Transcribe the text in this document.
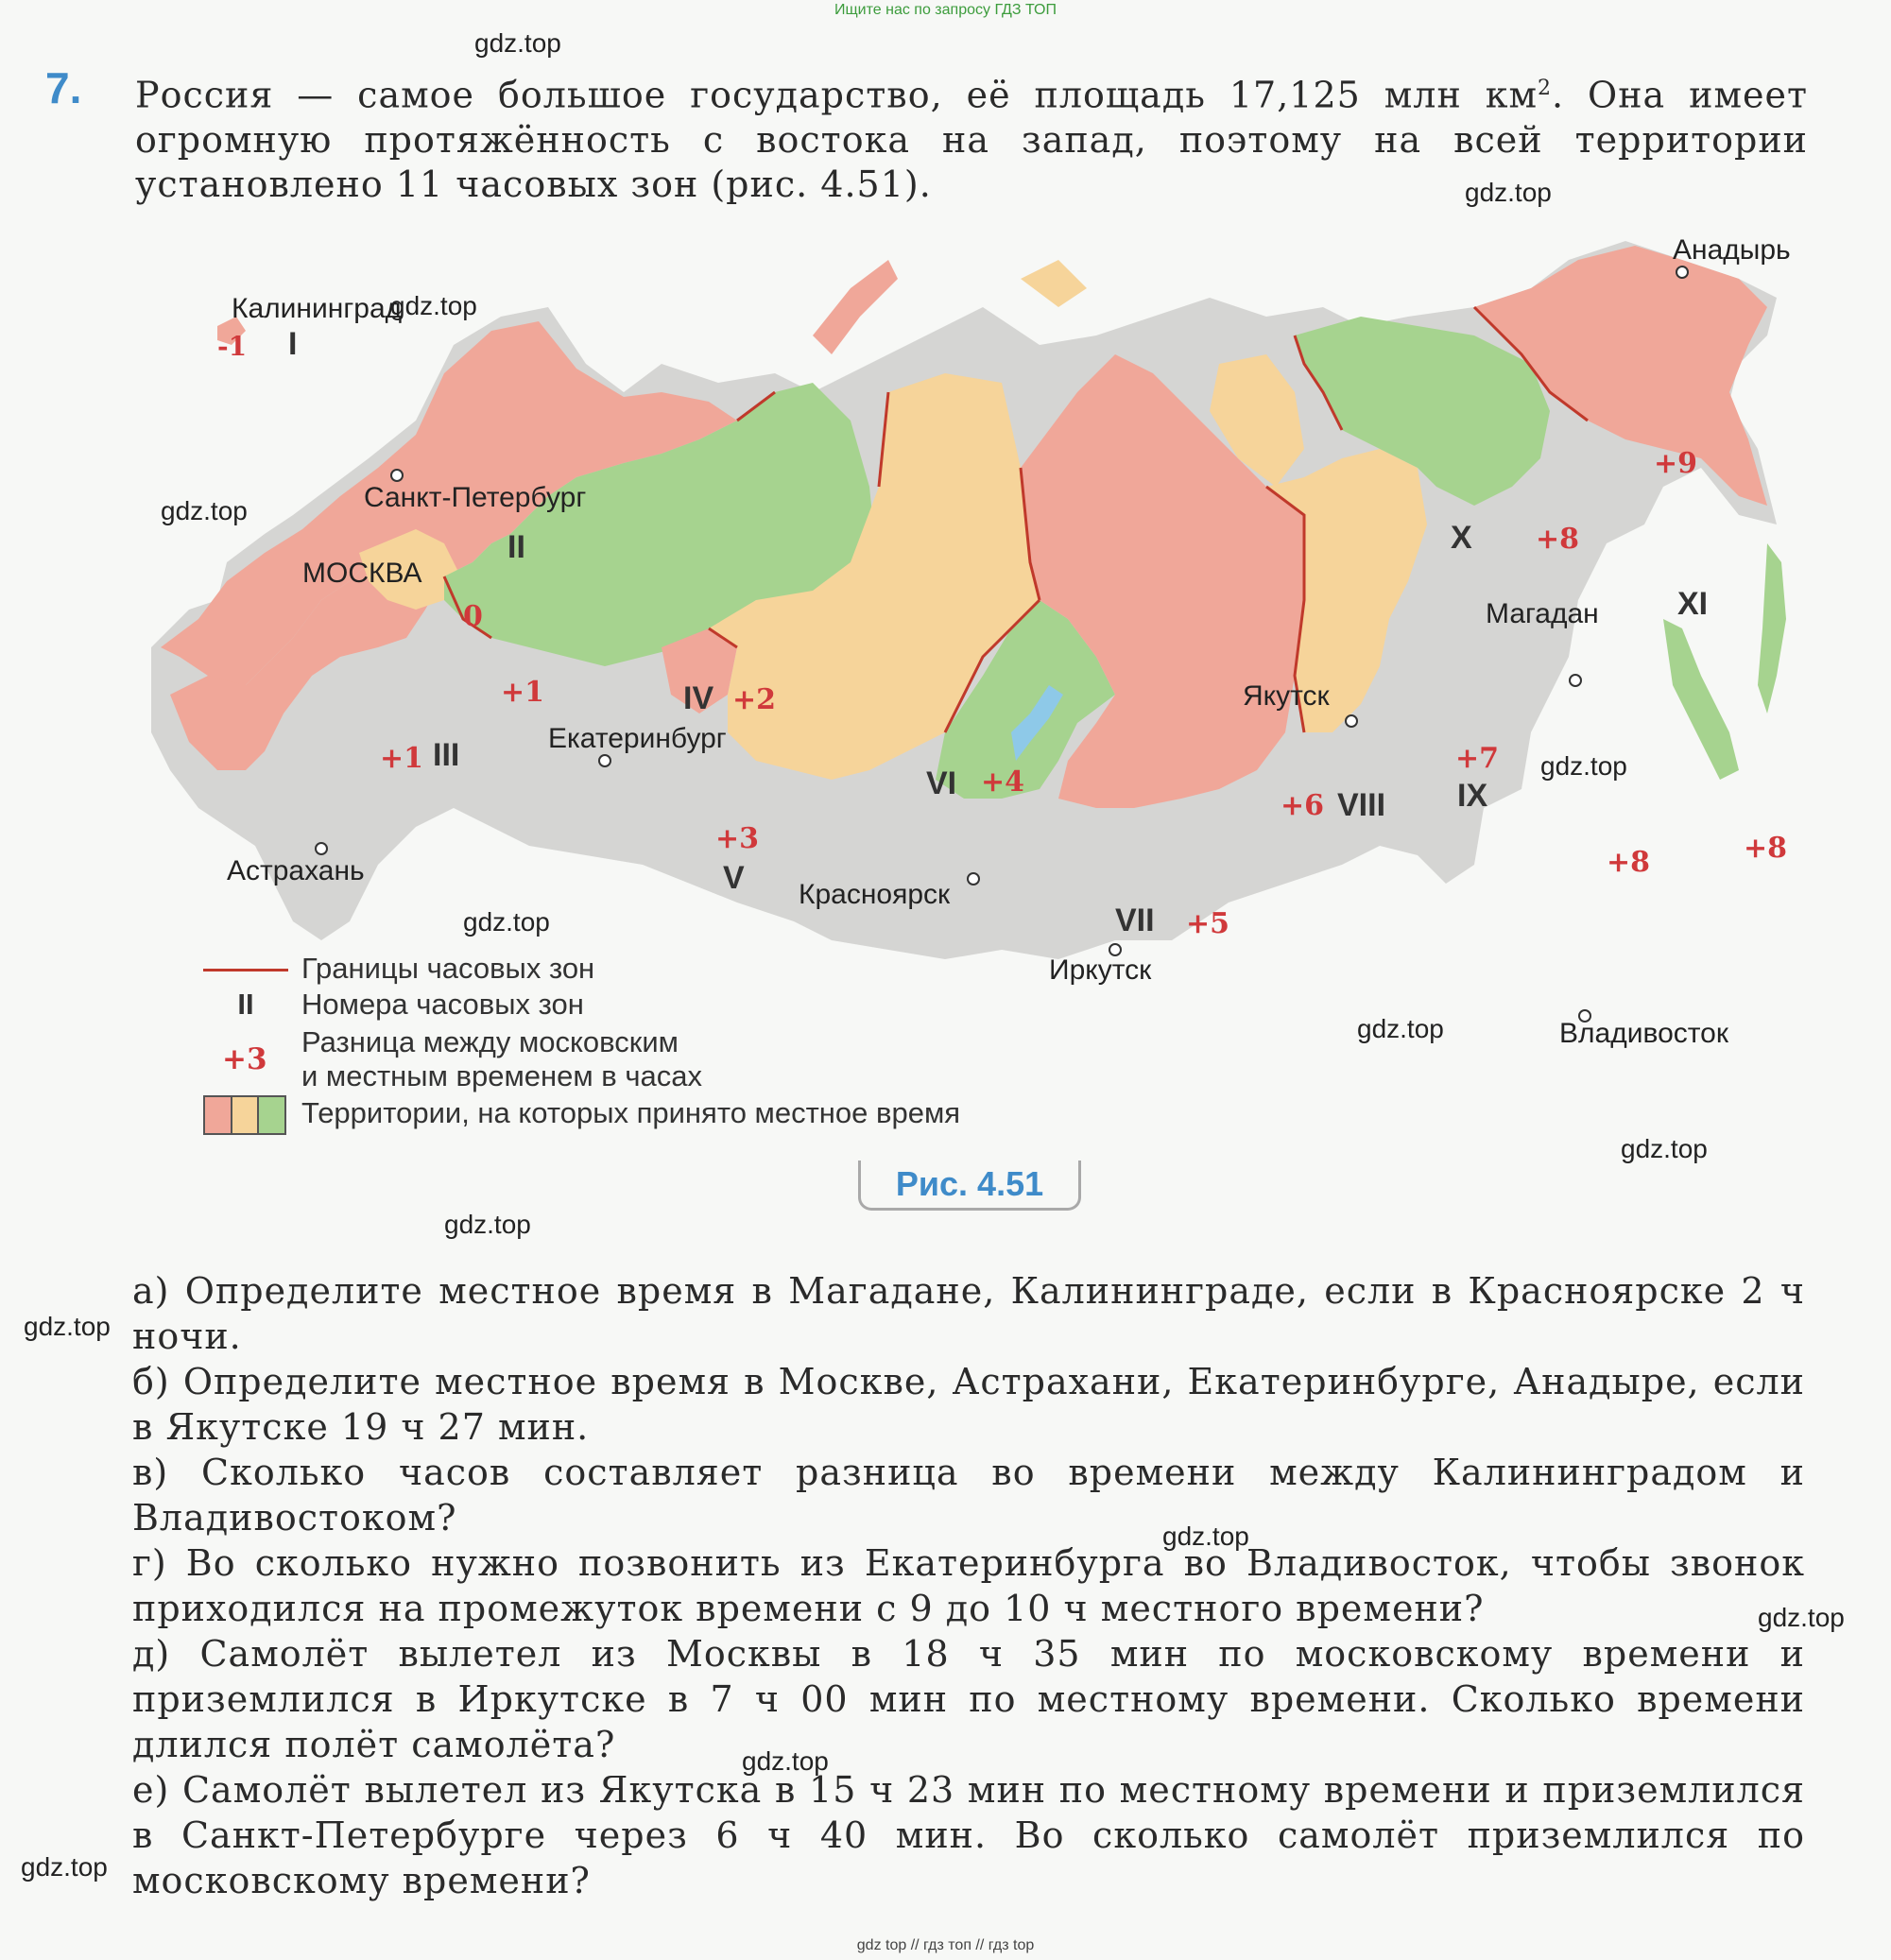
Ищите нас по запросу ГДЗ ТОП
gdz.top
gdz.top
gdz.top
gdz.top
gdz.top
gdz.top
gdz.top
gdz.top
gdz.top
gdz.top
gdz.top
gdz.top
gdz.top
gdz.top
7. Россия — самое большое государство, её площадь 17,125 млн $км^2$. Она имеет огромную протяжённость с востока на запад, поэтому на всей территории установлено 11 часовых зон (рис. 4.51).
Калининград
I
-1
Санкт-Петербург
II
МОСКВА
0
+1
+1 III	Екатеринбург
IV +2
Астрахань
+3
V
VI +4
Красноярск
VII +5
Иркутск
Якутск
+6 VIII
+7
IX
X +8
Магадан
+9
XI
Анадырь
+8	+8
Владивосток
Границы часовых зон
II Номера часовых зон
Разница между московским
+3 и местным временем в часах
Территории, на которых принято местное время
Рис. 4.51

а) Определите местное время в Магадане, Калининграде, если в Красноярске 2 ч ночи.

б) Определите местное время в Москве, Астрахани, Екатеринбурге, Анадыре, если в Якутске 19 ч 27 мин.

в) Сколько часов составляет разница во времени между Калининградом и Владивостоком?

г) Во сколько нужно позвонить из Екатеринбурга во Владивосток, чтобы звонок приходился на промежуток времени с 9 до 10 ч местного времени?

д) Самолёт вылетел из Москвы в 18 ч 35 мин по московскому времени и приземлился в Иркутске в 7 ч 00 мин по местному времени. Сколько времени длился полёт самолёта?

е) Самолёт вылетел из Якутска в 15 ч 23 мин по местному времени и приземлился в Санкт-Петербурге через 6 ч 40 мин. Во сколько самолёт приземлился по московскому времени?

gdz top // гдз топ // гдз top
